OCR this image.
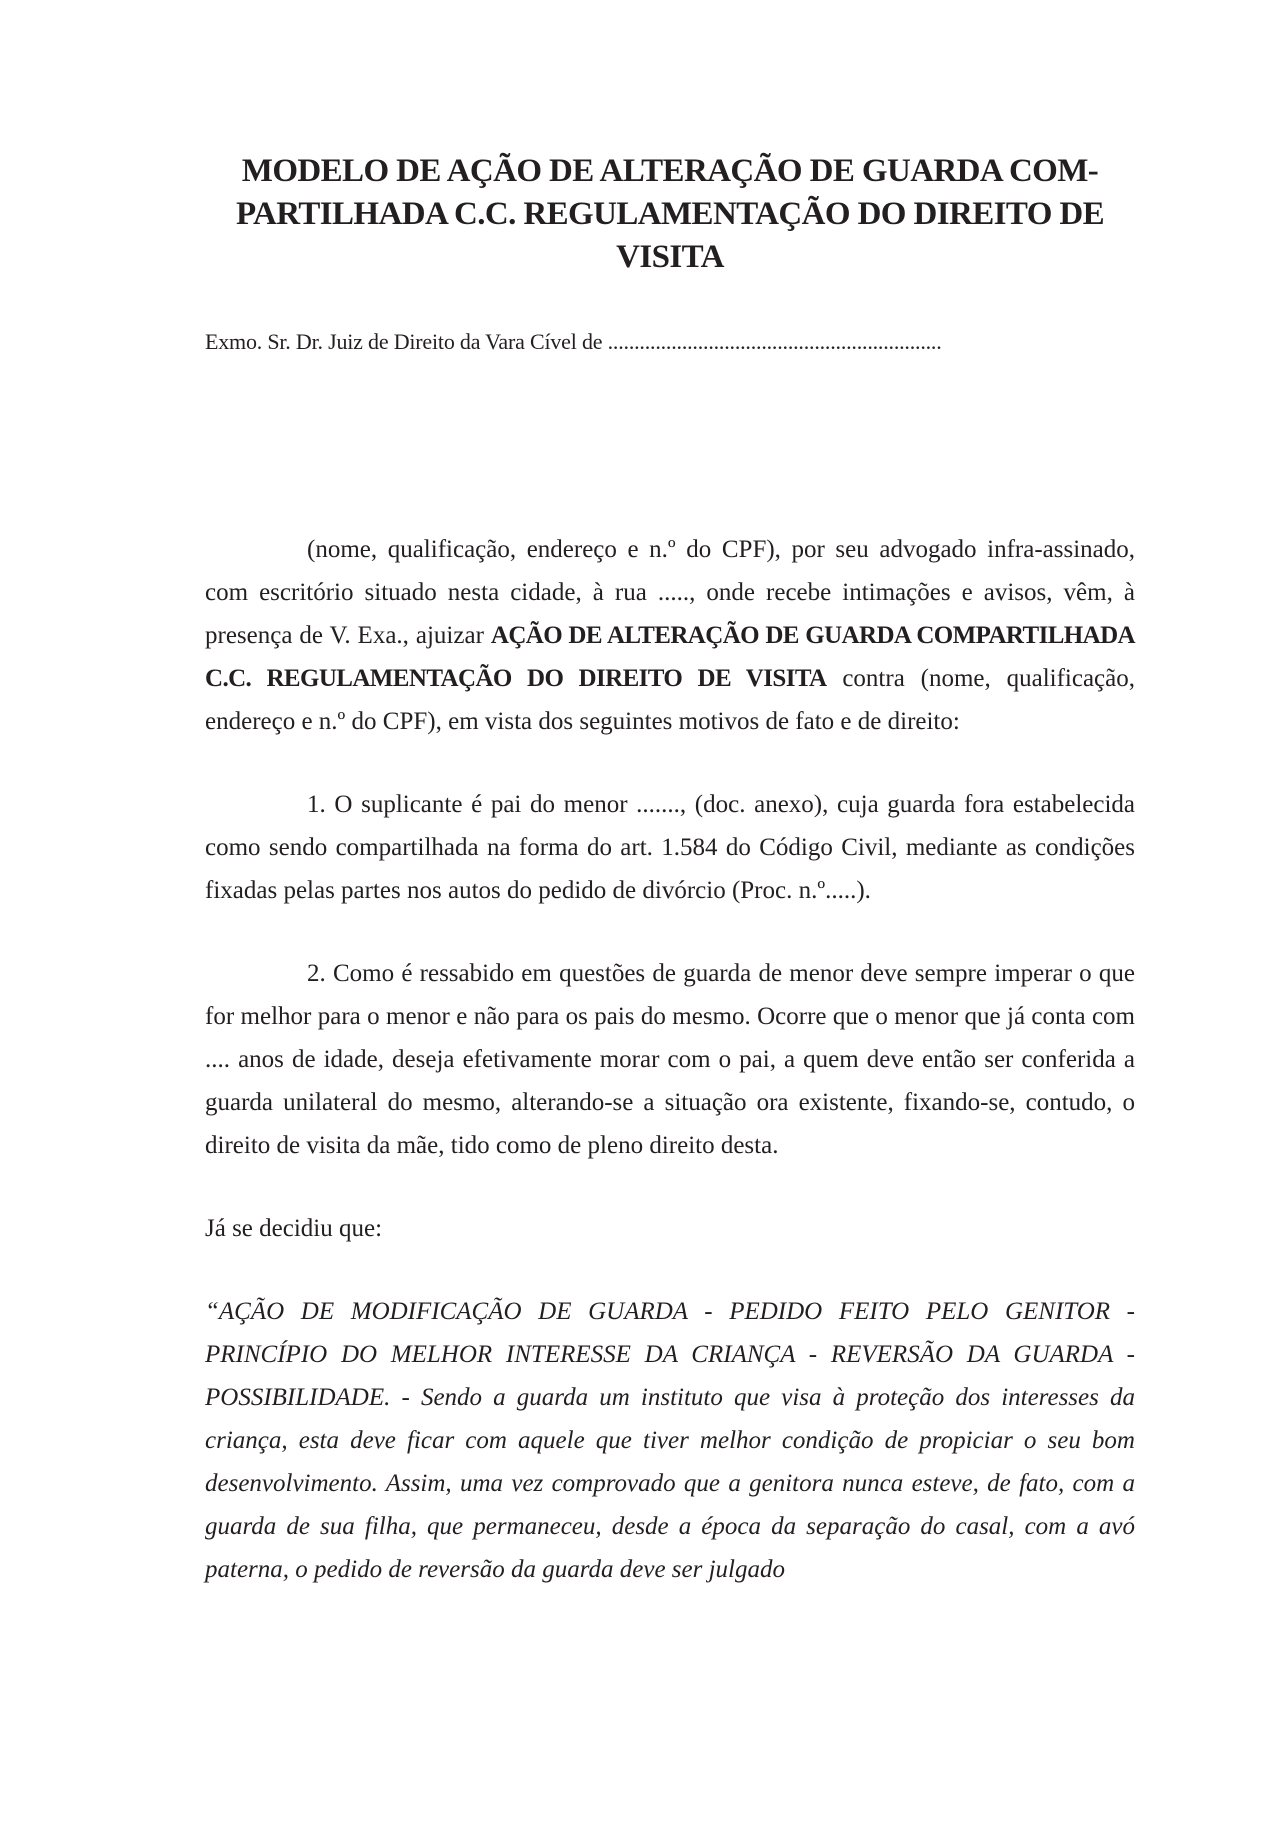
MODELO DE AÇÃO DE ALTERAÇÃO DE GUARDA COM-
PARTILHADA C.C. REGULAMENTAÇÃO DO DIREITO DE
VISITA
Exmo. Sr. Dr. Juiz de Direito da Vara Cível de ...............................................................

(nome, qualificação, endereço e n.º do CPF), por seu advogado infra-assinado, com escritório situado nesta cidade, à rua ....., onde recebe intimações e avisos, vêm, à presença de V. Exa., ajuizar AÇÃO DE ALTERAÇÃO DE GUARDA COMPARTILHADA C.C. REGULAMENTAÇÃO DO DIREITO DE VISITA contra (nome, qualificação, endereço e n.º do CPF), em vista dos seguintes motivos de fato e de direito:

1. O suplicante é pai do menor ......., (doc. anexo), cuja guarda fora estabelecida como sendo compartilhada na forma do art. 1.584 do Código Civil, mediante as condições fixadas pelas partes nos autos do pedido de divórcio (Proc. n.º.....).

2. Como é ressabido em questões de guarda de menor deve sempre imperar o que for melhor para o menor e não para os pais do mesmo. Ocorre que o menor que já conta com .... anos de idade, deseja efetivamente morar com o pai, a quem deve então ser conferida a guarda unilateral do mesmo, alterando-se a situação ora existente, fixando-se, contudo, o direito de visita da mãe, tido como de pleno direito desta.

Já se decidiu que:

“AÇÃO DE MODIFICAÇÃO DE GUARDA - PEDIDO FEITO PELO GENITOR - PRINCÍPIO DO MELHOR INTERESSE DA CRIANÇA - REVERSÃO DA GUARDA - POSSIBILIDADE. - Sendo a guarda um instituto que visa à proteção dos interesses da criança, esta deve ficar com aquele que tiver melhor condição de propiciar o seu bom desenvolvimento. Assim, uma vez comprovado que a genitora nunca esteve, de fato, com a guarda de sua filha, que permaneceu, desde a época da separação do casal, com a avó paterna, o pedido de reversão da guarda deve ser julgado
